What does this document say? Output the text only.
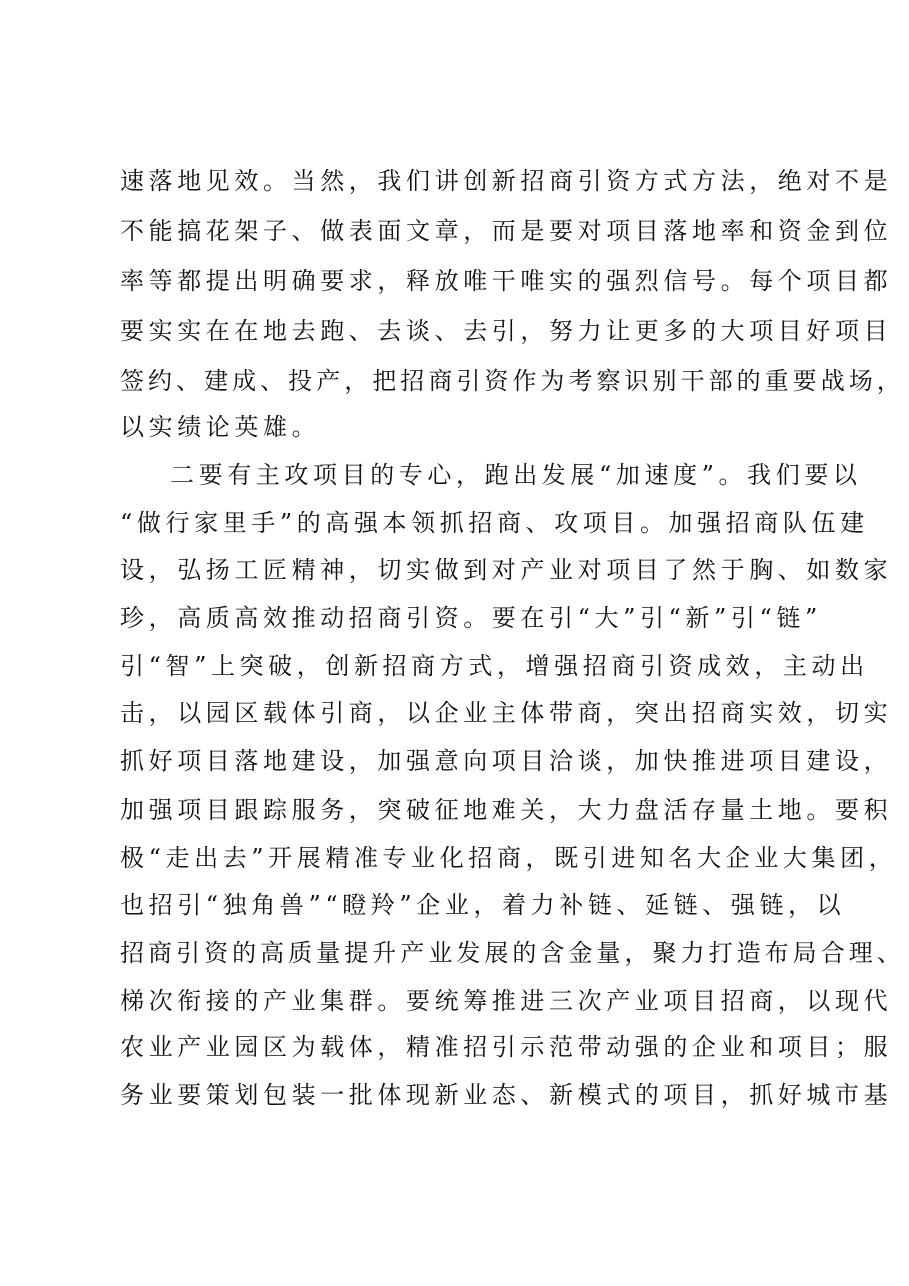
速落地见效。当然，我们讲创新招商引资方式方法，绝对不是
不能搞花架子、做表面文章，而是要对项目落地率和资金到位
率等都提出明确要求，释放唯干唯实的强烈信号。每个项目都
要实实在在地去跑、去谈、去引，努力让更多的大项目好项目
签约、建成、投产，把招商引资作为考察识别干部的重要战场，
以实绩论英雄。
二要有主攻项目的专心，跑出发展“加速度”。我们要以
“做行家里手”的高强本领抓招商、攻项目。加强招商队伍建
设，弘扬工匠精神，切实做到对产业对项目了然于胸、如数家
珍，高质高效推动招商引资。要在引“大”引“新”引“链”
引“智”上突破，创新招商方式，增强招商引资成效，主动出
击，以园区载体引商，以企业主体带商，突出招商实效，切实
抓好项目落地建设，加强意向项目洽谈，加快推进项目建设，
加强项目跟踪服务，突破征地难关，大力盘活存量土地。要积
极“走出去”开展精准专业化招商，既引进知名大企业大集团，
也招引“独角兽”“瞪羚”企业，着力补链、延链、强链，以
招商引资的高质量提升产业发展的含金量，聚力打造布局合理、
梯次衔接的产业集群。要统筹推进三次产业项目招商，以现代
农业产业园区为载体，精准招引示范带动强的企业和项目；服
务业要策划包装一批体现新业态、新模式的项目，抓好城市基
